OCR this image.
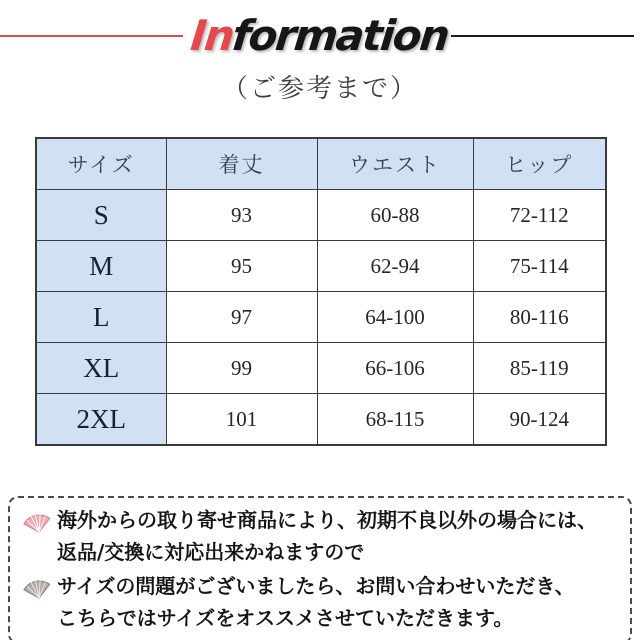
Information
（ご参考まで）
サイズ	着丈	ウエスト	ヒップ
S	93	60-88	72-112
M	95	62-94	75-114
L	97	64-100	80-116
XL	99	66-106	85-119
2XL	101	68-115	90-124

海外からの取り寄せ商品により、初期不良以外の場合には、
返品/交換に対応出来かねますので

サイズの問題がございましたら、お問い合わせいただき、
こちらではサイズをオススメさせていただきます。
